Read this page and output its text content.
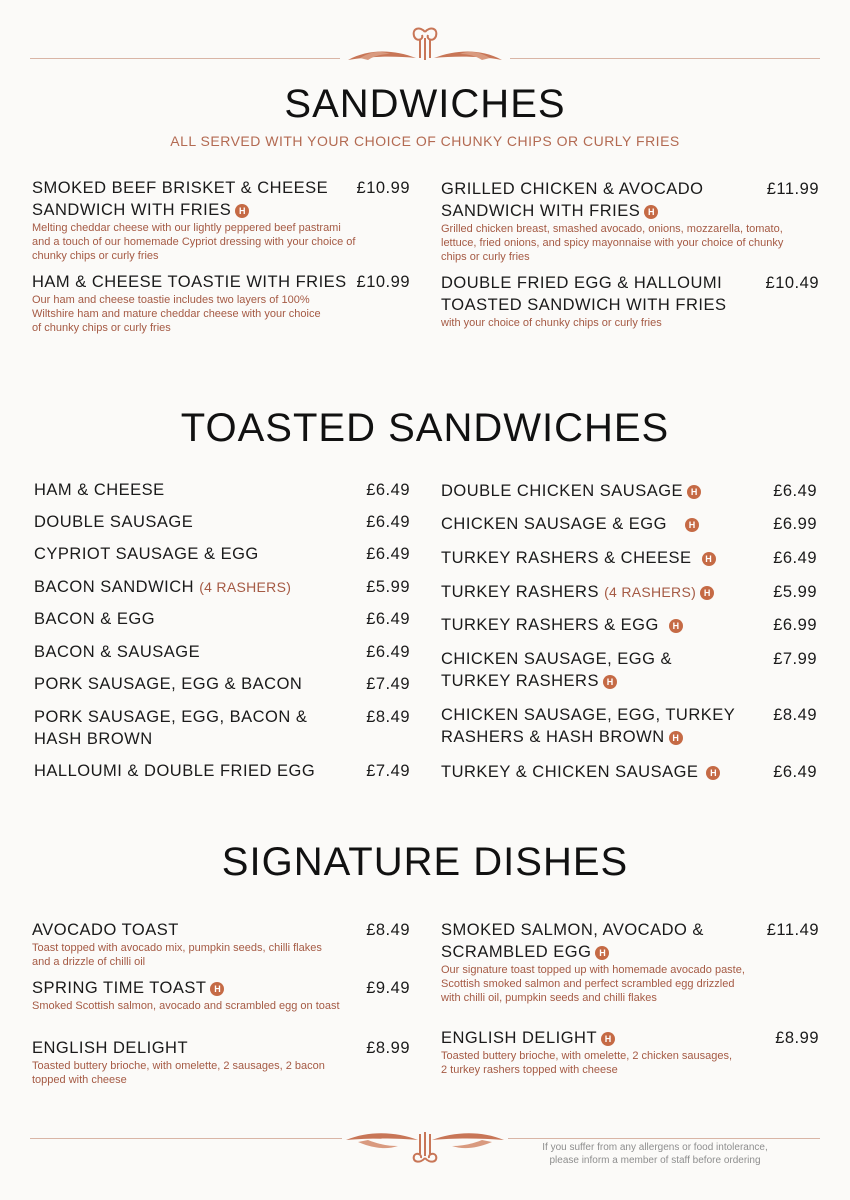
SANDWICHES

ALL SERVED WITH YOUR CHOICE OF CHUNKY CHIPS OR CURLY FRIES

SMOKED BEEF BRISKET & CHEESE
SANDWICH WITH FRIES H
£10.99
Melting cheddar cheese with our lightly peppered beef pastrami and a touch of our homemade Cypriot dressing with your choice of chunky chips or curly fries
HAM & CHEESE TOASTIE WITH FRIES £10.99
Our ham and cheese toastie includes two layers of 100% Wiltshire ham and mature cheddar cheese with your choice of chunky chips or curly fries
GRILLED CHICKEN & AVOCADO
SANDWICH WITH FRIES H
£11.99
Grilled chicken breast, smashed avocado, onions, mozzarella, tomato, lettuce, fried onions, and spicy mayonnaise with your choice of chunky chips or curly fries
DOUBLE FRIED EGG & HALLOUMI
TOASTED SANDWICH WITH FRIES
£10.49
with your choice of chunky chips or curly fries
TOASTED SANDWICHES
HAM & CHEESE	£6.49
DOUBLE SAUSAGE	£6.49
CYPRIOT SAUSAGE & EGG	£6.49
BACON SANDWICH (4 RASHERS)	£5.99
BACON & EGG	£6.49
BACON & SAUSAGE	£6.49
PORK SAUSAGE, EGG & BACON	£7.49
PORK SAUSAGE, EGG, BACON &
HASH BROWN
£8.49
HALLOUMI & DOUBLE FRIED EGG	£7.49
DOUBLE CHICKEN SAUSAGE H	£6.49
CHICKEN SAUSAGE & EGG H	£6.99
TURKEY RASHERS & CHEESE H	£6.49
TURKEY RASHERS (4 RASHERS) H	£5.99
TURKEY RASHERS & EGG H	£6.99
CHICKEN SAUSAGE, EGG &
TURKEY RASHERS H
£7.99
CHICKEN SAUSAGE, EGG, TURKEY
RASHERS & HASH BROWN H
£8.49
TURKEY & CHICKEN SAUSAGE H	£6.49
SIGNATURE DISHES
AVOCADO TOAST	£8.49
Toast topped with avocado mix, pumpkin seeds, chilli flakes and a drizzle of chilli oil
SPRING TIME TOAST H	£9.49
Smoked Scottish salmon, avocado and scrambled egg on toast
ENGLISH DELIGHT	£8.99
Toasted buttery brioche, with omelette, 2 sausages, 2 bacon topped with cheese
SMOKED SALMON, AVOCADO &
SCRAMBLED EGG H
£11.49
Our signature toast topped up with homemade avocado paste, Scottish smoked salmon and perfect scrambled egg drizzled with chilli oil, pumpkin seeds and chilli flakes
ENGLISH DELIGHT H	£8.99
Toasted buttery brioche, with omelette, 2 chicken sausages, 2 turkey rashers topped with cheese
If you suffer from any allergens or food intolerance,
please inform a member of staff before ordering
